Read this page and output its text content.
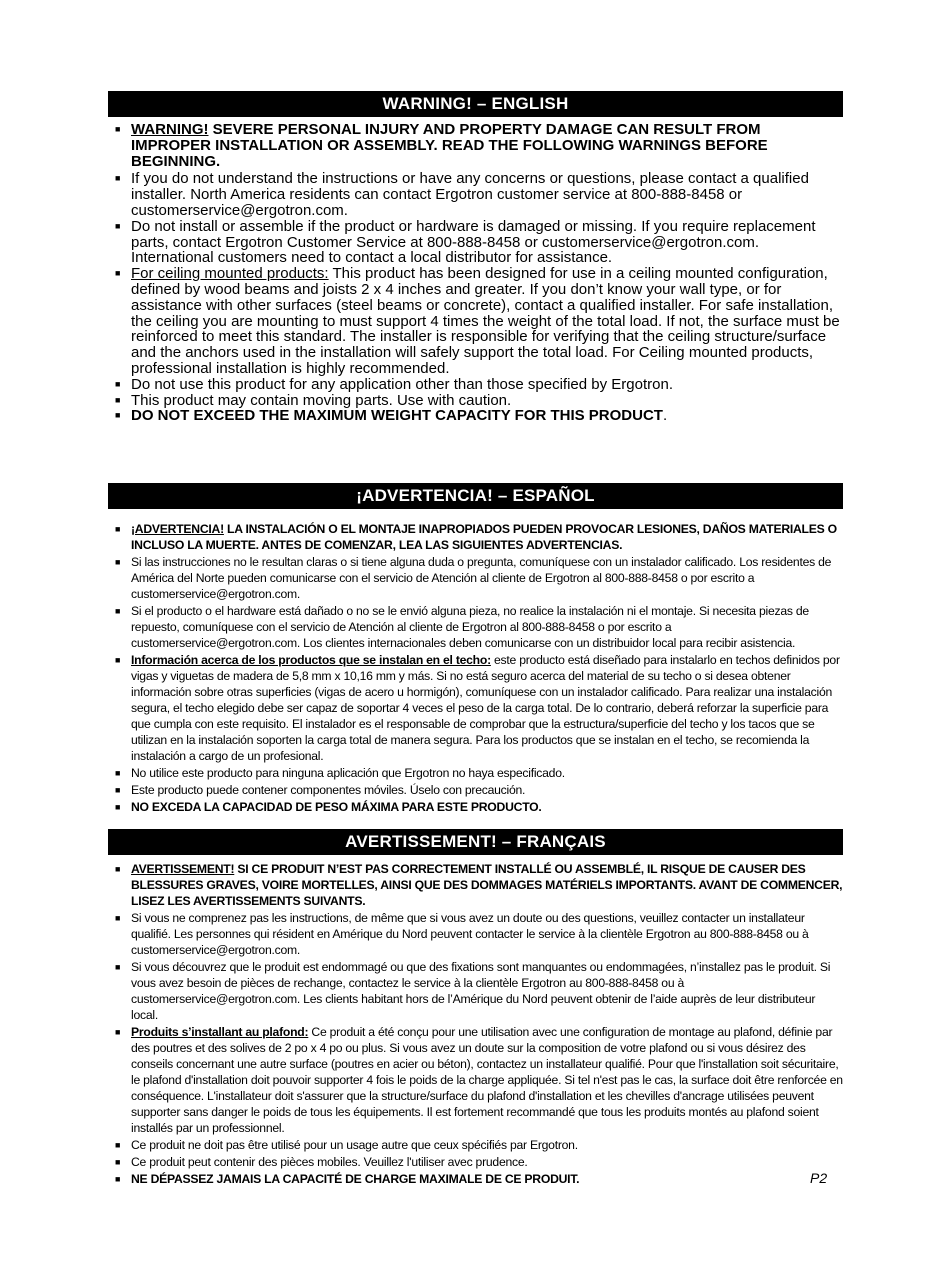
WARNING! – ENGLISH
■ WARNING! SEVERE PERSONAL INJURY AND PROPERTY DAMAGE CAN RESULT FROM IMPROPER INSTALLATION OR ASSEMBLY. READ THE FOLLOWING WARNINGS BEFORE BEGINNING.
■ If you do not understand the instructions or have any concerns or questions, please contact a qualified installer. North America residents can contact Ergotron customer service at 800-888-8458 or customerservice@ergotron.com.
■ Do not install or assemble if the product or hardware is damaged or missing. If you require replacement parts, contact Ergotron Customer Service at 800-888-8458 or customerservice@ergotron.com. International customers need to contact a local distributor for assistance.
■ For ceiling mounted products: This product has been designed for use in a ceiling mounted configuration, defined by wood beams and joists 2 x 4 inches and greater. If you don’t know your wall type, or for assistance with other surfaces (steel beams or concrete), contact a qualified installer. For safe installation, the ceiling you are mounting to must support 4 times the weight of the total load. If not, the surface must be reinforced to meet this standard. The installer is responsible for verifying that the ceiling structure/surface and the anchors used in the installation will safely support the total load. For Ceiling mounted products, professional installation is highly recommended.
■ Do not use this product for any application other than those specified by Ergotron.
■ This product may contain moving parts. Use with caution.
■ DO NOT EXCEED THE MAXIMUM WEIGHT CAPACITY FOR THIS PRODUCT.
¡ADVERTENCIA! – ESPAÑOL
■ ¡ADVERTENCIA! LA INSTALACIÓN O EL MONTAJE INAPROPIADOS PUEDEN PROVOCAR LESIONES, DAÑOS MATERIALES O INCLUSO LA MUERTE. ANTES DE COMENZAR, LEA LAS SIGUIENTES ADVERTENCIAS.
■ Si las instrucciones no le resultan claras o si tiene alguna duda o pregunta, comuníquese con un instalador calificado. Los residentes de América del Norte pueden comunicarse con el servicio de Atención al cliente de Ergotron al 800-888-8458 o por escrito a customerservice@ergotron.com.
■ Si el producto o el hardware está dañado o no se le envió alguna pieza, no realice la instalación ni el montaje. Si necesita piezas de repuesto, comuníquese con el servicio de Atención al cliente de Ergotron al 800-888-8458 o por escrito a customerservice@ergotron.com. Los clientes internacionales deben comunicarse con un distribuidor local para recibir asistencia.
■ Información acerca de los productos que se instalan en el techo: este producto está diseñado para instalarlo en techos definidos por vigas y viguetas de madera de 5,8 mm x 10,16 mm y más. Si no está seguro acerca del material de su techo o si desea obtener información sobre otras superficies (vigas de acero u hormigón), comuníquese con un instalador calificado. Para realizar una instalación segura, el techo elegido debe ser capaz de soportar 4 veces el peso de la carga total. De lo contrario, deberá reforzar la superficie para que cumpla con este requisito. El instalador es el responsable de comprobar que la estructura/superficie del techo y los tacos que se utilizan en la instalación soporten la carga total de manera segura. Para los productos que se instalan en el techo, se recomienda la instalación a cargo de un profesional.
■ No utilice este producto para ninguna aplicación que Ergotron no haya especificado.
■ Este producto puede contener componentes móviles. Úselo con precaución.
■ NO EXCEDA LA CAPACIDAD DE PESO MÁXIMA PARA ESTE PRODUCTO.
AVERTISSEMENT! – FRANÇAIS
■ AVERTISSEMENT! SI CE PRODUIT N’EST PAS CORRECTEMENT INSTALLÉ OU ASSEMBLÉ, IL RISQUE DE CAUSER DES BLESSURES GRAVES, VOIRE MORTELLES, AINSI QUE DES DOMMAGES MATÉRIELS IMPORTANTS. AVANT DE COMMENCER, LISEZ LES AVERTISSEMENTS SUIVANTS.
■ Si vous ne comprenez pas les instructions, de même que si vous avez un doute ou des questions, veuillez contacter un installateur qualifié. Les personnes qui résident en Amérique du Nord peuvent contacter le service à la clientèle Ergotron au 800-888-8458 ou à customerservice@ergotron.com.
■ Si vous découvrez que le produit est endommagé ou que des fixations sont manquantes ou endommagées, n’installez pas le produit. Si vous avez besoin de pièces de rechange, contactez le service à la clientèle Ergotron au 800-888-8458 ou à customerservice@ergotron.com. Les clients habitant hors de l’Amérique du Nord peuvent obtenir de l’aide auprès de leur distributeur local.
■ Produits s’installant au plafond: Ce produit a été conçu pour une utilisation avec une configuration de montage au plafond, définie par des poutres et des solives de 2 po x 4 po ou plus. Si vous avez un doute sur la composition de votre plafond ou si vous désirez des conseils concernant une autre surface (poutres en acier ou béton), contactez un installateur qualifié. Pour que l'installation soit sécuritaire, le plafond d'installation doit pouvoir supporter 4 fois le poids de la charge appliquée. Si tel n'est pas le cas, la surface doit être renforcée en conséquence. L'installateur doit s'assurer que la structure/surface du plafond d'installation et les chevilles d'ancrage utilisées peuvent supporter sans danger le poids de tous les équipements. Il est fortement recommandé que tous les produits montés au plafond soient installés par un professionnel.
■ Ce produit ne doit pas être utilisé pour un usage autre que ceux spécifiés par Ergotron.
■ Ce produit peut contenir des pièces mobiles. Veuillez l'utiliser avec prudence.
■ NE DÉPASSEZ JAMAIS LA CAPACITÉ DE CHARGE MAXIMALE DE CE PRODUIT.	P2
